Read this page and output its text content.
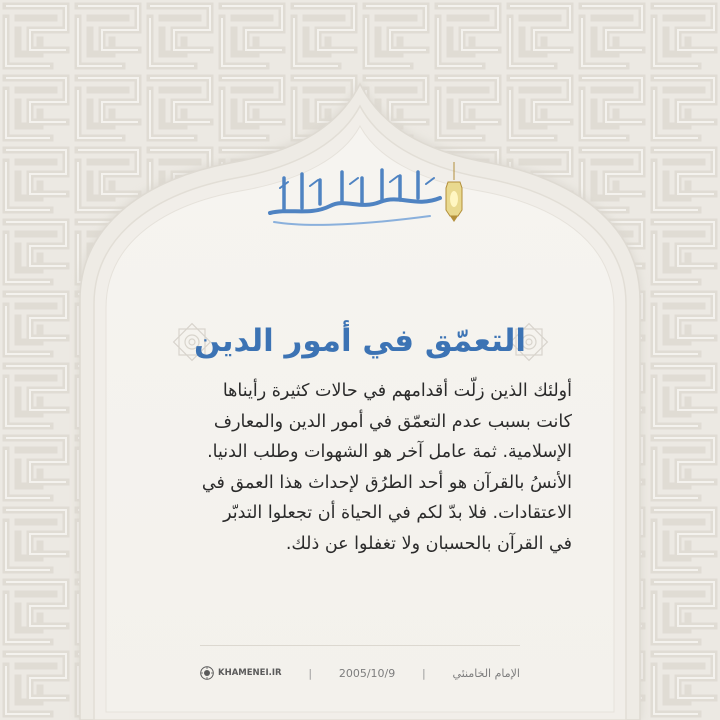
التعمّق في أمور الدين
أولئك الذين زلّت أقدامهم في حالات كثيرة رأيناها
كانت بسبب عدم التعمّق في أمور الدين والمعارف
الإسلامية. ثمة عامل آخر هو الشهوات وطلب الدنيا.
الأنسُ بالقرآن هو أحد الطرُق لإحداث هذا العمق في
الاعتقادات. فلا بدّ لكم في الحياة أن تجعلوا التدبّر
في القرآن بالحسبان ولا تغفلوا عن ذلك.
KHAMENEI.IR | 2005/10/9 | الإمام الخامنئي
